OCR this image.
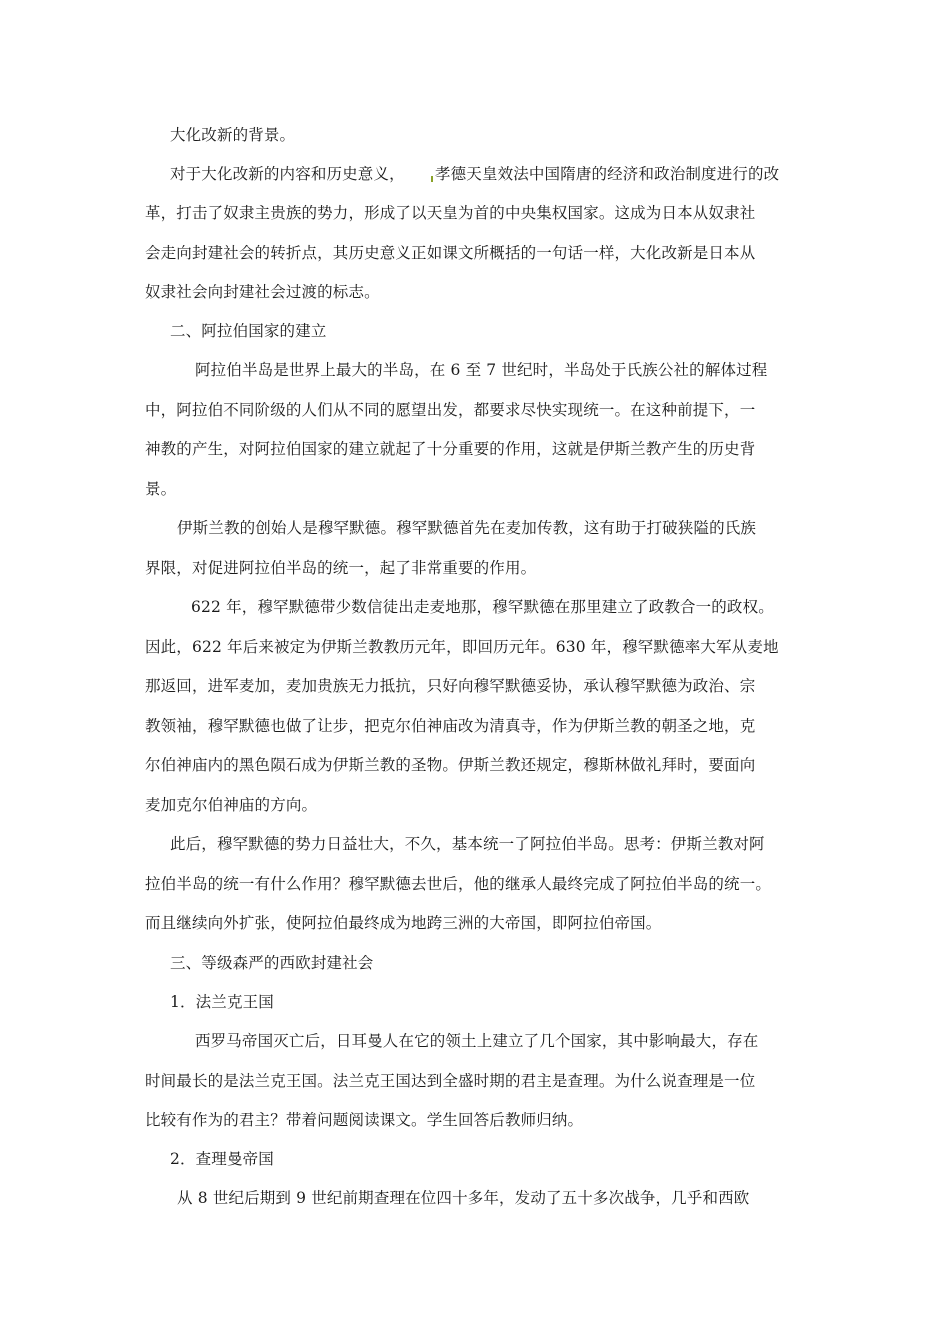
大化改新的背景。
对于大化改新的内容和历史意义， 孝德天皇效法中国隋唐的经济和政治制度进行的改
革，打击了奴隶主贵族的势力，形成了以天皇为首的中央集权国家。这成为日本从奴隶社
会走向封建社会的转折点，其历史意义正如课文所概括的一句话一样，大化改新是日本从
奴隶社会向封建社会过渡的标志。
二、阿拉伯国家的建立
阿拉伯半岛是世界上最大的半岛，在 6 至 7 世纪时，半岛处于氏族公社的解体过程
中，阿拉伯不同阶级的人们从不同的愿望出发，都要求尽快实现统一。在这种前提下，一
神教的产生，对阿拉伯国家的建立就起了十分重要的作用，这就是伊斯兰教产生的历史背
景。
伊斯兰教的创始人是穆罕默德。穆罕默德首先在麦加传教，这有助于打破狭隘的氏族
界限，对促进阿拉伯半岛的统一，起了非常重要的作用。
622 年，穆罕默德带少数信徒出走麦地那，穆罕默德在那里建立了政教合一的政权。
因此，622 年后来被定为伊斯兰教教历元年，即回历元年。630 年，穆罕默德率大军从麦地
那返回，进军麦加，麦加贵族无力抵抗，只好向穆罕默德妥协，承认穆罕默德为政治、宗
教领袖，穆罕默德也做了让步，把克尔伯神庙改为清真寺，作为伊斯兰教的朝圣之地，克
尔伯神庙内的黑色陨石成为伊斯兰教的圣物。伊斯兰教还规定，穆斯林做礼拜时，要面向
麦加克尔伯神庙的方向。
此后，穆罕默德的势力日益壮大，不久，基本统一了阿拉伯半岛。思考：伊斯兰教对阿
拉伯半岛的统一有什么作用？穆罕默德去世后，他的继承人最终完成了阿拉伯半岛的统一。
而且继续向外扩张，使阿拉伯最终成为地跨三洲的大帝国，即阿拉伯帝国。
三、等级森严的西欧封建社会
1．法兰克王国
西罗马帝国灭亡后，日耳曼人在它的领土上建立了几个国家，其中影响最大，存在
时间最长的是法兰克王国。法兰克王国达到全盛时期的君主是查理。为什么说查理是一位
比较有作为的君主？带着问题阅读课文。学生回答后教师归纳。
2．查理曼帝国
从 8 世纪后期到 9 世纪前期查理在位四十多年，发动了五十多次战争，几乎和西欧
